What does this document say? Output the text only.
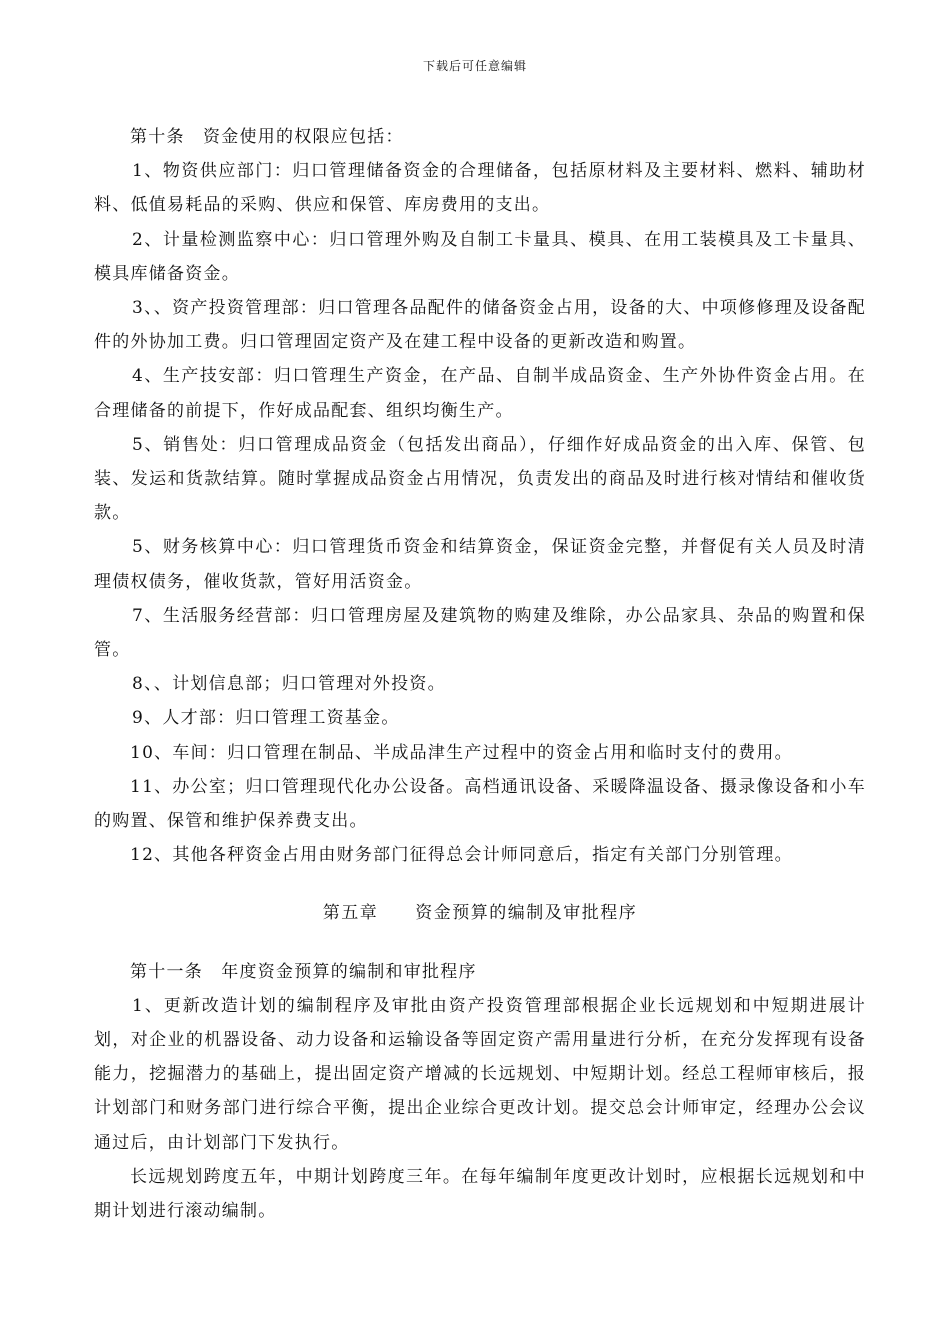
下载后可任意编辑

第十条　资金使用的权限应包括：

1、物资供应部门：归口管理储备资金的合理储备，包括原材料及主要材料、燃料、辅助材料、低值易耗品的采购、供应和保管、库房费用的支出。

2、计量检测监察中心：归口管理外购及自制工卡量具、模具、在用工装模具及工卡量具、模具库储备资金。

3、、资产投资管理部：归口管理各品配件的储备资金占用，设备的大、中项修修理及设备配件的外协加工费。归口管理固定资产及在建工程中设备的更新改造和购置。

4、生产技安部：归口管理生产资金，在产品、自制半成品资金、生产外协件资金占用。在合理储备的前提下，作好成品配套、组织均衡生产。

5、销售处：归口管理成品资金（包括发出商品），仔细作好成品资金的出入库、保管、包装、发运和货款结算。随时掌握成品资金占用情况，负责发出的商品及时进行核对情结和催收货款。

5、财务核算中心：归口管理货币资金和结算资金，保证资金完整，并督促有关人员及时清理债权债务，催收货款，管好用活资金。

7、生活服务经营部：归口管理房屋及建筑物的购建及维除，办公品家具、杂品的购置和保管。

8、、计划信息部；归口管理对外投资。

9、人才部：归口管理工资基金。

10、车间：归口管理在制品、半成品津生产过程中的资金占用和临时支付的费用。

11、办公室；归口管理现代化办公设备。高档通讯设备、采暖降温设备、摄录像设备和小车的购置、保管和维护保养费支出。

12、其他各秤资金占用由财务部门征得总会计师同意后，指定有关部门分别管理。

第五章　　资金预算的编制及审批程序

第十一条　年度资金预算的编制和审批程序

1、更新改造计划的编制程序及审批由资产投资管理部根据企业长远规划和中短期进展计划，对企业的机器设备、动力设备和运输设备等固定资产需用量进行分析，在充分发挥现有设备能力，挖掘潜力的基础上，提出固定资产增减的长远规划、中短期计划。经总工程师审核后，报计划部门和财务部门进行综合平衡，提出企业综合更改计划。提交总会计师审定，经理办公会议通过后，由计划部门下发执行。

长远规划跨度五年，中期计划跨度三年。在每年编制年度更改计划时，应根据长远规划和中期计划进行滚动编制。
